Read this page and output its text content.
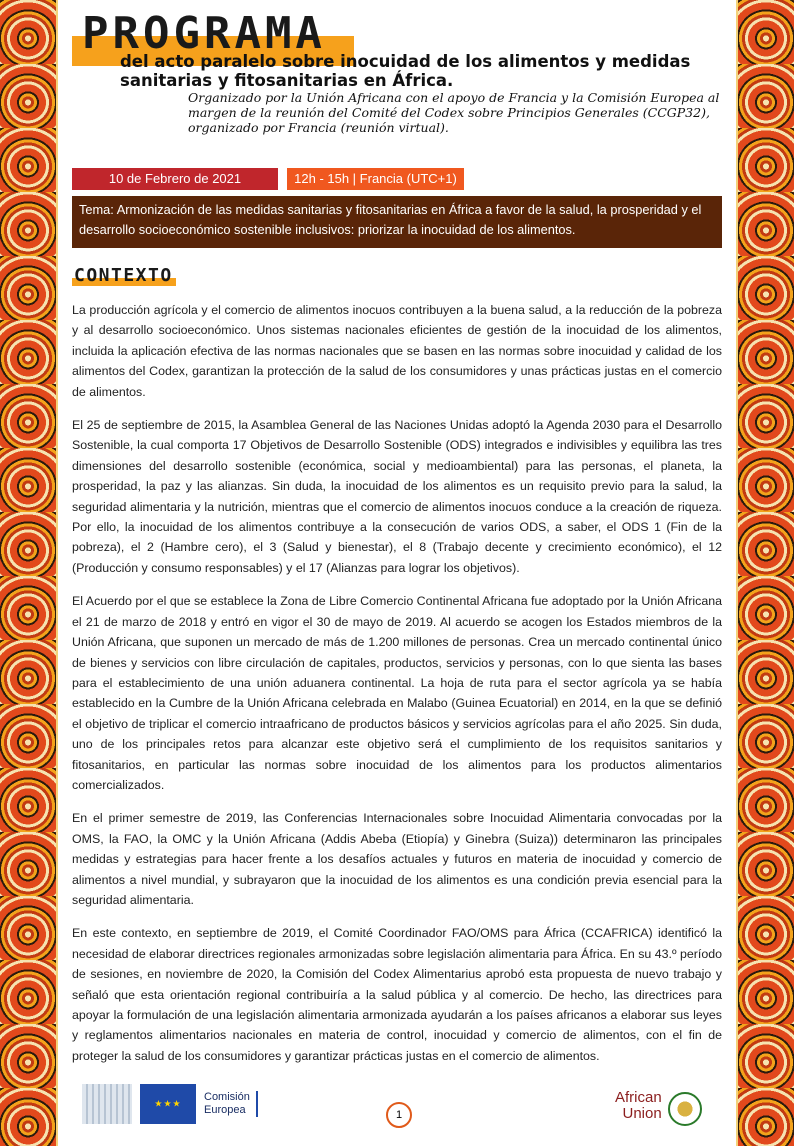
PROGRAMA

del acto paralelo sobre inocuidad de los alimentos y medidas sanitarias y fitosanitarias en África.

Organizado por la Unión Africana con el apoyo de Francia y la Comisión Europea al margen de la reunión del Comité del Codex sobre Principios Generales (CCGP32), organizado por Francia (reunión virtual).

10 de Febrero de 2021	12h - 15h | Francia (UTC+1)
Tema: Armonización de las medidas sanitarias y fitosanitarias en África a favor de la salud, la prosperidad y el desarrollo socioeconómico sostenible inclusivos: priorizar la inocuidad de los alimentos.
CONTEXTO

La producción agrícola y el comercio de alimentos inocuos contribuyen a la buena salud, a la reducción de la pobreza y al desarrollo socioeconómico. Unos sistemas nacionales eficientes de gestión de la inocuidad de los alimentos, incluida la aplicación efectiva de las normas nacionales que se basen en las normas sobre inocuidad y calidad de los alimentos del Codex, garantizan la protección de la salud de los consumidores y unas prácticas justas en el comercio de alimentos.

El 25 de septiembre de 2015, la Asamblea General de las Naciones Unidas adoptó la Agenda 2030 para el Desarrollo Sostenible, la cual comporta 17 Objetivos de Desarrollo Sostenible (ODS) integrados e indivisibles y equilibra las tres dimensiones del desarrollo sostenible (económica, social y medioambiental) para las personas, el planeta, la prosperidad, la paz y las alianzas. Sin duda, la inocuidad de los alimentos es un requisito previo para la salud, la seguridad alimentaria y la nutrición, mientras que el comercio de alimentos inocuos conduce a la creación de riqueza. Por ello, la inocuidad de los alimentos contribuye a la consecución de varios ODS, a saber, el ODS 1 (Fin de la pobreza), el 2 (Hambre cero), el 3 (Salud y bienestar), el 8 (Trabajo decente y crecimiento económico), el 12 (Producción y consumo responsables) y el 17 (Alianzas para lograr los objetivos).

El Acuerdo por el que se establece la Zona de Libre Comercio Continental Africana fue adoptado por la Unión Africana el 21 de marzo de 2018 y entró en vigor el 30 de mayo de 2019. Al acuerdo se acogen los Estados miembros de la Unión Africana, que suponen un mercado de más de 1.200 millones de personas. Crea un mercado continental único de bienes y servicios con libre circulación de capitales, productos, servicios y personas, con lo que sienta las bases para el establecimiento de una unión aduanera continental. La hoja de ruta para el sector agrícola ya se había establecido en la Cumbre de la Unión Africana celebrada en Malabo (Guinea Ecuatorial) en 2014, en la que se definió el objetivo de triplicar el comercio intraafricano de productos básicos y servicios agrícolas para el año 2025. Sin duda, uno de los principales retos para alcanzar este objetivo será el cumplimiento de los requisitos sanitarios y fitosanitarios, en particular las normas sobre inocuidad de los alimentos para los productos alimentarios comercializados.

En el primer semestre de 2019, las Conferencias Internacionales sobre Inocuidad Alimentaria convocadas por la OMS, la FAO, la OMC y la Unión Africana (Addis Abeba (Etiopía) y Ginebra (Suiza)) determinaron las principales medidas y estrategias para hacer frente a los desafíos actuales y futuros en materia de inocuidad y comercio de alimentos a nivel mundial, y subrayaron que la inocuidad de los alimentos es una condición previa esencial para la seguridad alimentaria.

En este contexto, en septiembre de 2019, el Comité Coordinador FAO/OMS para África (CCAFRICA) identificó la necesidad de elaborar directrices regionales armonizadas sobre legislación alimentaria para África. En su 43.º período de sesiones, en noviembre de 2020, la Comisión del Codex Alimentarius aprobó esta propuesta de nuevo trabajo y señaló que esta orientación regional contribuiría a la salud pública y al comercio. De hecho, las directrices para apoyar la formulación de una legislación alimentaria armonizada ayudarán a los países africanos a elaborar sus leyes y reglamentos alimentarios nacionales en materia de control, inocuidad y comercio de alimentos, con el fin de proteger la salud de los consumidores y garantizar prácticas justas en el comercio de alimentos.

★★★
Comisión
Europea	1
African
Union
